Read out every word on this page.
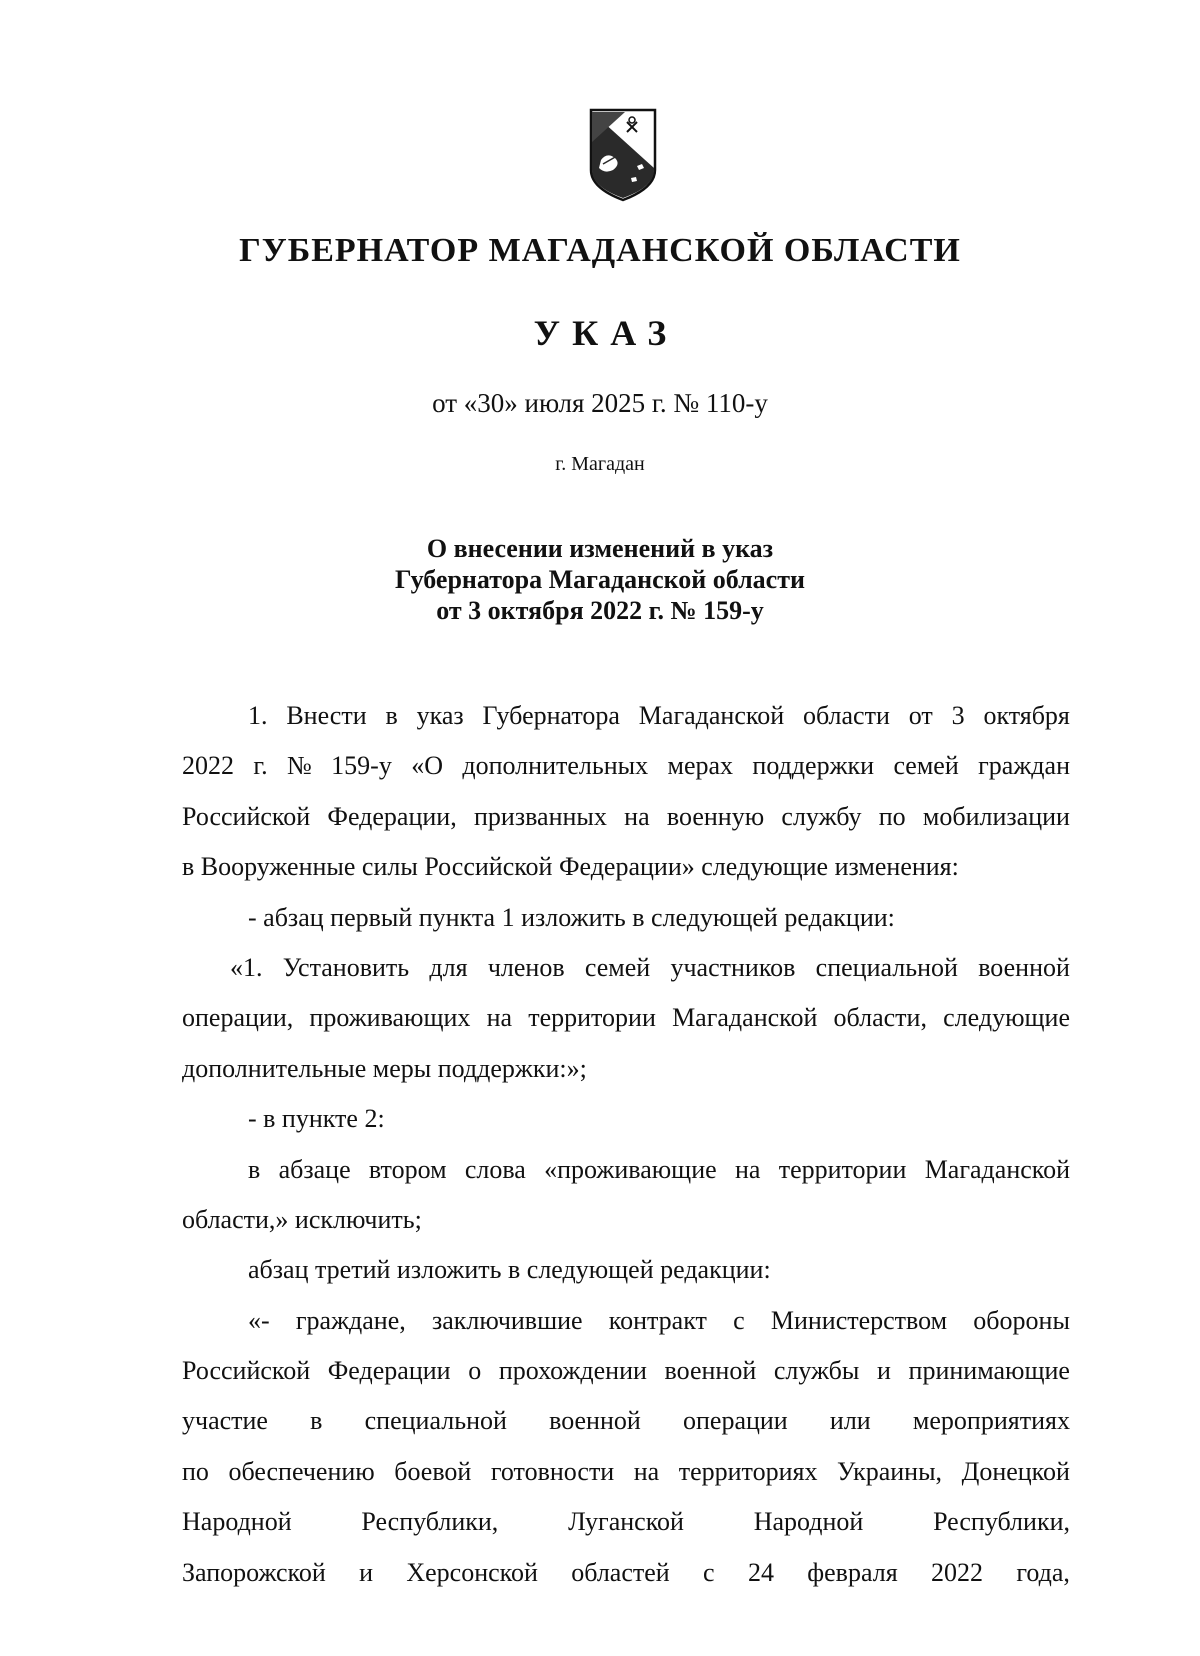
ГУБЕРНАТОР МАГАДАНСКОЙ ОБЛАСТИ
УКАЗ
от «30» июля 2025 г. № 110-у
г. Магадан
О внесении изменений в указ
Губернатора Магаданской области
от 3 октября 2022 г. № 159-у
1. Внести в указ Губернатора Магаданской области от 3 октября
2022 г. № 159-у «О дополнительных мерах поддержки семей граждан
Российской Федерации, призванных на военную службу по мобилизации
в Вооруженные силы Российской Федерации» следующие изменения:
- абзац первый пункта 1 изложить в следующей редакции:
«1. Установить для членов семей участников специальной военной
операции, проживающих на территории Магаданской области, следующие
дополнительные меры поддержки:»;
- в пункте 2:
в абзаце втором слова «проживающие на территории Магаданской
области,» исключить;
абзац третий изложить в следующей редакции:
«- граждане, заключившие контракт с Министерством обороны
Российской Федерации о прохождении военной службы и принимающие
участие в специальной военной операции или мероприятиях
по обеспечению боевой готовности на территориях Украины, Донецкой
Народной	Республики,	Луганской	Народной	Республики,
Запорожской и Херсонской областей с 24 февраля 2022 года,
